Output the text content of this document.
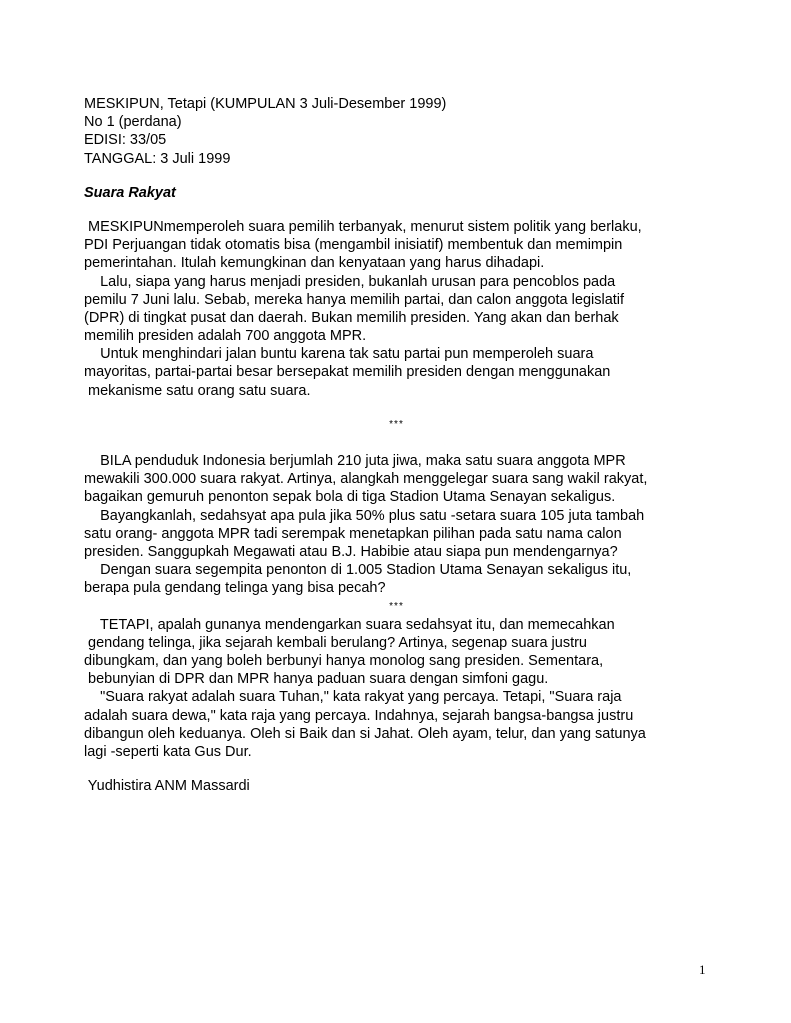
MESKIPUN, Tetapi (KUMPULAN 3 Juli-Desember 1999)
No 1 (perdana)
EDISI: 33/05
TANGGAL: 3 Juli 1999
Suara Rakyat
MESKIPUNmemperoleh suara pemilih terbanyak, menurut sistem politik yang berlaku,
PDI Perjuangan tidak otomatis bisa (mengambil inisiatif) membentuk dan memimpin
pemerintahan. Itulah kemungkinan dan kenyataan yang harus dihadapi.
Lalu, siapa yang harus menjadi presiden, bukanlah urusan para pencoblos pada
pemilu 7 Juni lalu. Sebab, mereka hanya memilih partai, dan calon anggota legislatif
(DPR) di tingkat pusat dan daerah. Bukan memilih presiden. Yang akan dan berhak
memilih presiden adalah 700 anggota MPR.
Untuk menghindari jalan buntu karena tak satu partai pun memperoleh suara
mayoritas, partai-partai besar bersepakat memilih presiden dengan menggunakan
mekanisme satu orang satu suara.
***
BILA penduduk Indonesia berjumlah 210 juta jiwa, maka satu suara anggota MPR
mewakili 300.000 suara rakyat. Artinya, alangkah menggelegar suara sang wakil rakyat,
bagaikan gemuruh penonton sepak bola di tiga Stadion Utama Senayan sekaligus.
Bayangkanlah, sedahsyat apa pula jika 50% plus satu -setara suara 105 juta tambah
satu orang- anggota MPR tadi serempak menetapkan pilihan pada satu nama calon
presiden. Sanggupkah Megawati atau B.J. Habibie atau siapa pun mendengarnya?
Dengan suara segempita penonton di 1.005 Stadion Utama Senayan sekaligus itu,
berapa pula gendang telinga yang bisa pecah?
***
TETAPI, apalah gunanya mendengarkan suara sedahsyat itu, dan memecahkan
gendang telinga, jika sejarah kembali berulang? Artinya, segenap suara justru
dibungkam, dan yang boleh berbunyi hanya monolog sang presiden. Sementara,
bebunyian di DPR dan MPR hanya paduan suara dengan simfoni gagu.
"Suara rakyat adalah suara Tuhan," kata rakyat yang percaya. Tetapi, "Suara raja
adalah suara dewa," kata raja yang percaya. Indahnya, sejarah bangsa-bangsa justru
dibangun oleh keduanya. Oleh si Baik dan si Jahat. Oleh ayam, telur, dan yang satunya
lagi -seperti kata Gus Dur.
Yudhistira ANM Massardi
1
